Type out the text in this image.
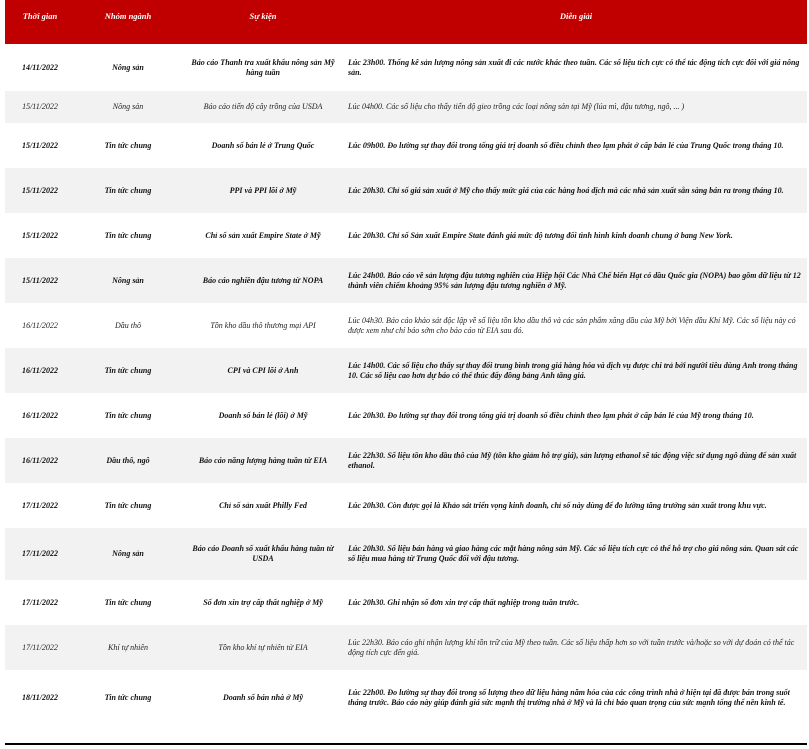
Thời gian	Nhóm ngành	Sự kiện	Diễn giải
14/11/2022	Nông sản	Báo cáo Thanh tra xuất khẩu nông sản Mỹ hàng tuần	Lúc 23h00. Thống kê sản lượng nông sản xuất đi các nước khác theo tuần. Các số liệu tích cực có thể tác động tích cực đối với giá nông sản.
15/11/2022	Nông sản	Báo cáo tiến độ cây trồng của USDA	Lúc 04h00. Các số liệu cho thấy tiến độ gieo trồng các loại nông sản tại Mỹ (lúa mì, đậu tương, ngô, ... )
15/11/2022	Tin tức chung	Doanh số bán lẻ ở Trung Quốc	Lúc 09h00. Đo lường sự thay đổi trong tổng giá trị doanh số điều chỉnh theo lạm phát ở cấp bán lẻ của Trung Quốc trong tháng 10.
15/11/2022	Tin tức chung	PPI và PPI lõi ở Mỹ	Lúc 20h30. Chỉ số giá sản xuất ở Mỹ cho thấy mức giá của các hàng hoá dịch mà các nhà sản xuất sẵn sàng bán ra trong tháng 10.
15/11/2022	Tin tức chung	Chỉ số sản xuất Empire State ở Mỹ	Lúc 20h30. Chỉ số Sản xuất Empire State đánh giá mức độ tương đối tình hình kinh doanh chung ở bang New York.
15/11/2022	Nông sản	Báo cáo nghiền đậu tương từ NOPA	Lúc 24h00. Báo cáo về sản lượng đậu tương nghiền của Hiệp hội Các Nhà Chế biến Hạt có dầu Quốc gia (NOPA) bao gồm dữ liệu từ 12 thành viên chiếm khoảng 95% sản lượng đậu tương nghiền ở Mỹ.
16/11/2022	Dầu thô	Tồn kho dầu thô thương mại API	Lúc 04h30. Báo cáo khảo sát độc lập về số liệu tồn kho dầu thô và các sản phẩm xăng dầu của Mỹ bởi Viện dầu Khí Mỹ. Các số liệu này có được xem như chỉ báo sớm cho báo cáo từ EIA sau đó.
16/11/2022	Tin tức chung	CPI và CPI lõi ở Anh	Lúc 14h00. Các số liệu cho thấy sự thay đổi trung bình trong giá hàng hóa và dịch vụ được chi trả bởi người tiêu dùng Anh trong tháng 10. Các số liệu cao hơn dự báo có thể thúc đẩy đồng bảng Anh tăng giá.
16/11/2022	Tin tức chung	Doanh số bán lẻ (lõi) ở Mỹ	Lúc 20h30. Đo lường sự thay đổi trong tổng giá trị doanh số điều chỉnh theo lạm phát ở cấp bán lẻ của Mỹ trong tháng 10.
16/11/2022	Dầu thô, ngô	Báo cáo năng lượng hàng tuần từ EIA	Lúc 22h30. Số liệu tồn kho dầu thô của Mỹ (tồn kho giảm hỗ trợ giá), sản lượng ethanol sẽ tác động việc sử dụng ngô dùng để sản xuất ethanol.
17/11/2022	Tin tức chung	Chỉ số sản xuất Philly Fed	Lúc 20h30. Còn được gọi là Khảo sát triển vọng kinh doanh, chỉ số này dùng để đo lường tăng trưởng sản xuất trong khu vực.
17/11/2022	Nông sản	Báo cáo Doanh số xuất khẩu hàng tuần từ USDA	Lúc 20h30. Số liệu bán hàng và giao hàng các mặt hàng nông sản Mỹ. Các số liệu tích cực có thể hỗ trợ cho giá nông sản. Quan sát các số liệu mua hàng từ Trung Quốc đối với đậu tương.
17/11/2022	Tin tức chung	Số đơn xin trợ cấp thất nghiệp ở Mỹ	Lúc 20h30. Ghi nhận số đơn xin trợ cấp thất nghiệp trong tuần trước.
17/11/2022	Khí tự nhiên	Tồn kho khí tự nhiên từ EIA	Lúc 22h30. Báo cáo ghi nhận lượng khí tồn trữ của Mỹ theo tuần. Các số liệu thấp hơn so với tuần trước và/hoặc so với dự đoán có thể tác động tích cực đến giá.
18/11/2022	Tin tức chung	Doanh số bán nhà ở Mỹ	Lúc 22h00. Đo lường sự thay đổi trong số lượng theo dữ liệu hàng năm hóa của các công trình nhà ở hiện tại đã được bán trong suốt tháng trước. Báo cáo này giúp đánh giá sức mạnh thị trường nhà ở Mỹ và là chỉ báo quan trọng của sức mạnh tổng thể nền kinh tế.
